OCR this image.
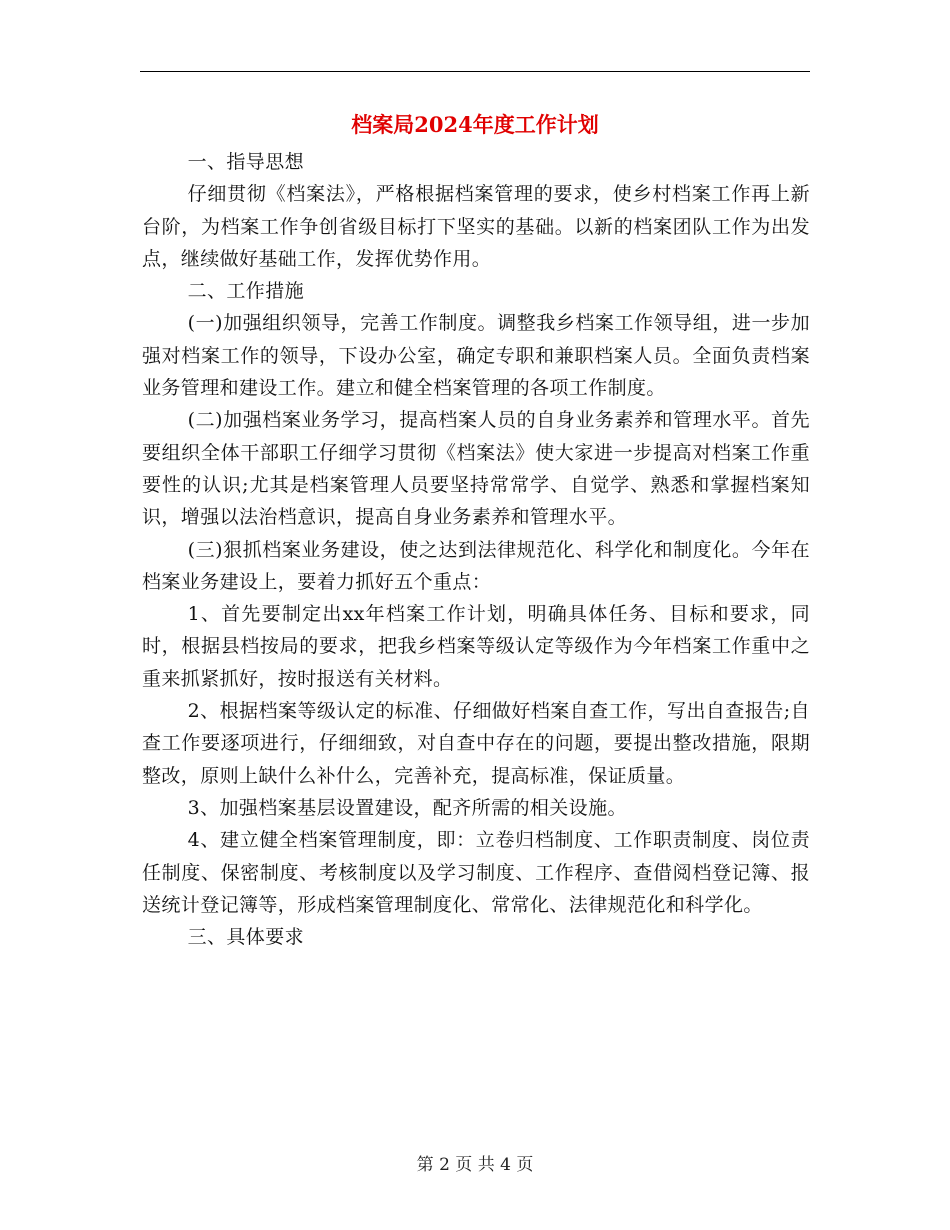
档案局2024年度工作计划

一、指导思想

仔细贯彻《档案法》，严格根据档案管理的要求，使乡村档案工作再上新台阶，为档案工作争创省级目标打下坚实的基础。以新的档案团队工作为出发点，继续做好基础工作，发挥优势作用。

二、工作措施

(一)加强组织领导，完善工作制度。调整我乡档案工作领导组，进一步加强对档案工作的领导，下设办公室，确定专职和兼职档案人员。全面负责档案业务管理和建设工作。建立和健全档案管理的各项工作制度。

(二)加强档案业务学习，提高档案人员的自身业务素养和管理水平。首先要组织全体干部职工仔细学习贯彻《档案法》使大家进一步提高对档案工作重要性的认识;尤其是档案管理人员要坚持常常学、自觉学、熟悉和掌握档案知识，增强以法治档意识，提高自身业务素养和管理水平。

(三)狠抓档案业务建设，使之达到法律规范化、科学化和制度化。今年在档案业务建设上，要着力抓好五个重点：

1、首先要制定出xx年档案工作计划，明确具体任务、目标和要求，同时，根据县档按局的要求，把我乡档案等级认定等级作为今年档案工作重中之重来抓紧抓好，按时报送有关材料。

2、根据档案等级认定的标准、仔细做好档案自查工作，写出自查报告;自查工作要逐项进行，仔细细致，对自查中存在的问题，要提出整改措施，限期整改，原则上缺什么补什么，完善补充，提高标准，保证质量。

3、加强档案基层设置建设，配齐所需的相关设施。

4、建立健全档案管理制度，即：立卷归档制度、工作职责制度、岗位责任制度、保密制度、考核制度以及学习制度、工作程序、查借阅档登记簿、报送统计登记簿等，形成档案管理制度化、常常化、法律规范化和科学化。

三、具体要求

第 2 页 共 4 页
